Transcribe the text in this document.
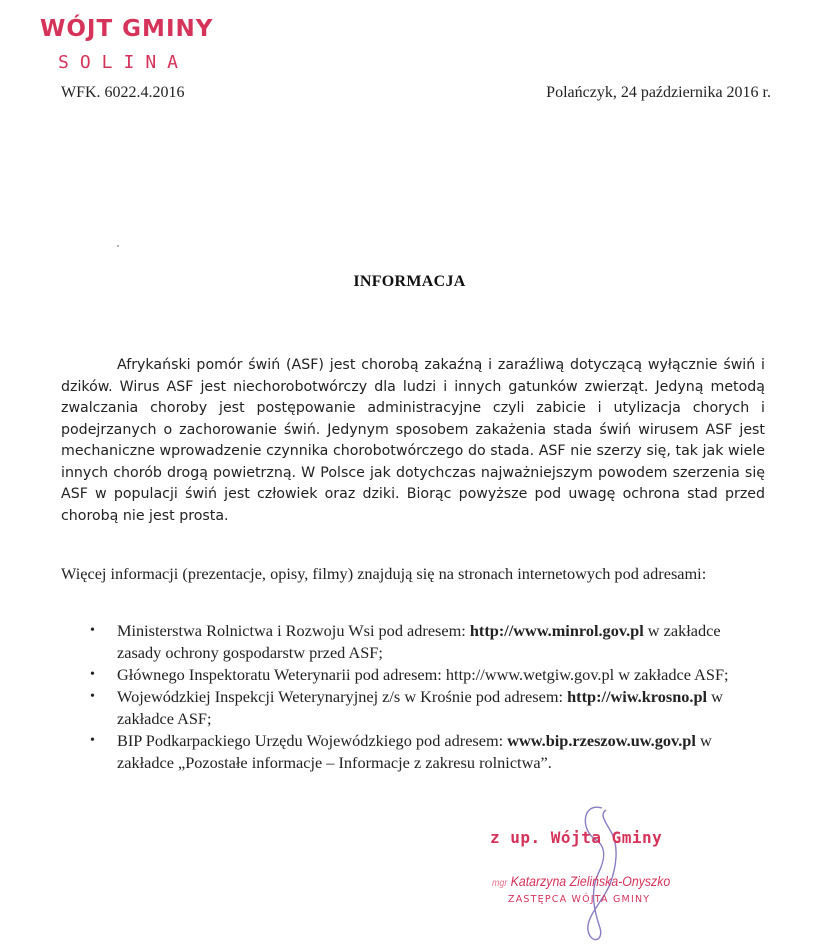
WÓJT GMINY
SOLINA
WFK. 6022.4.2016	Polańczyk, 24 października 2016 r.
INFORMACJA

Afrykański pomór świń (ASF) jest chorobą zakaźną i zaraźliwą dotyczącą wyłącznie świń i dzików. Wirus ASF jest niechorobotwórczy dla ludzi i innych gatunków zwierząt. Jedyną metodą zwalczania choroby jest postępowanie administracyjne czyli zabicie i utylizacja chorych i podejrzanych o zachorowanie świń. Jedynym sposobem zakażenia stada świń wirusem ASF jest mechaniczne wprowadzenie czynnika chorobotwórczego do stada. ASF nie szerzy się, tak jak wiele innych chorób drogą powietrzną. W Polsce jak dotychczas najważniejszym powodem szerzenia się ASF w populacji świń jest człowiek oraz dziki. Biorąc powyższe pod uwagę ochrona stad przed chorobą nie jest prosta.

Więcej informacji (prezentacje, opisy, filmy) znajdują się na stronach internetowych pod adresami:

• Ministerstwa Rolnictwa i Rozwoju Wsi pod adresem: http://www.minrol.gov.pl w zakładce zasady ochrony gospodarstw przed ASF;
• Głównego Inspektoratu Weterynarii pod adresem: http://www.wetgiw.gov.pl w zakładce ASF;
• Wojewódzkiej Inspekcji Weterynaryjnej z/s w Krośnie pod adresem: http://wiw.krosno.pl w zakładce ASF;
• BIP Podkarpackiego Urzędu Wojewódzkiego pod adresem: www.bip.rzeszow.uw.gov.pl w zakładce „Pozostałe informacje – Informacje z zakresu rolnictwa”.
z up. Wójta Gminy
mgr Katarzyna Zielińska-Onyszko
ZASTĘPCA WÓJTA GMINY
